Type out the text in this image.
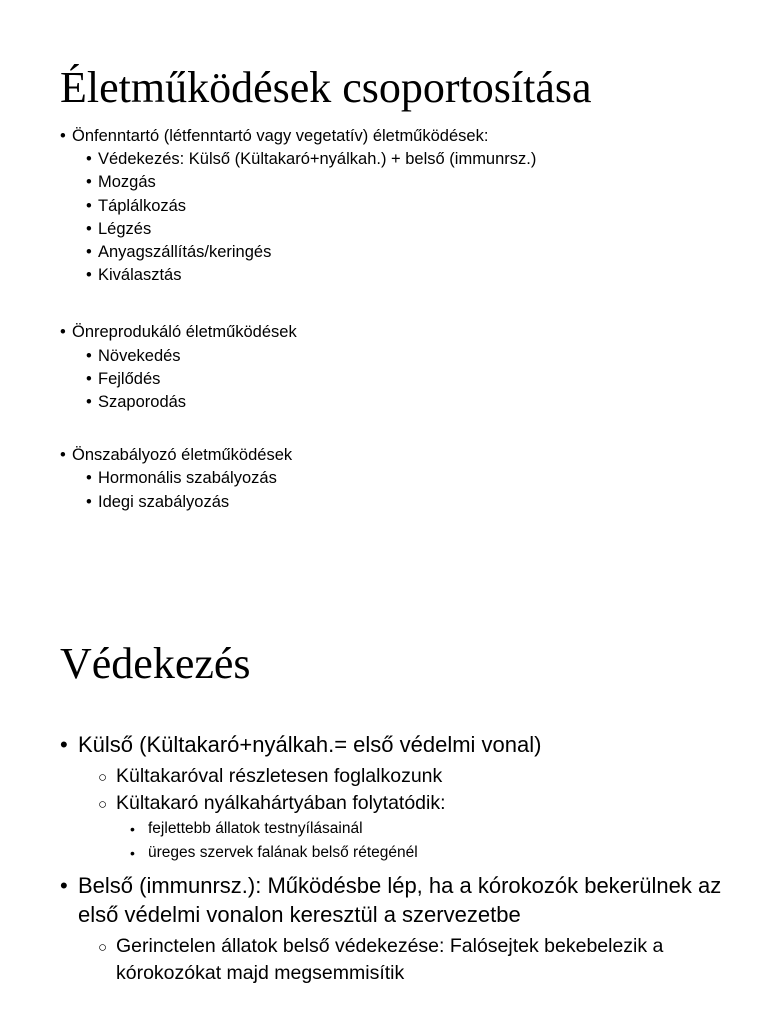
Életműködések csoportosítása
• Önfenntartó (létfenntartó vagy vegetatív) életműködések:
• Védekezés: Külső (Kültakaró+nyálkah.) + belső (immunrsz.)
• Mozgás
• Táplálkozás
• Légzés
• Anyagszállítás/keringés
• Kiválasztás
• Önreprodukáló életműködések
• Növekedés
• Fejlődés
• Szaporodás
• Önszabályozó életműködések
• Hormonális szabályozás
• Idegi szabályozás
Védekezés
• Külső (Kültakaró+nyálkah.= első védelmi vonal)
○ Kültakaróval részletesen foglalkozunk
○ Kültakaró nyálkahártyában folytatódik:
• fejlettebb állatok testnyílásainál
• üreges szervek falának belső rétegénél
• Belső (immunrsz.): Működésbe lép, ha a kórokozók bekerülnek az első védelmi vonalon keresztül a szervezetbe
○ Gerinctelen állatok belső védekezése: Falósejtek bekebelezik a kórokozókat majd megsemmisítik
